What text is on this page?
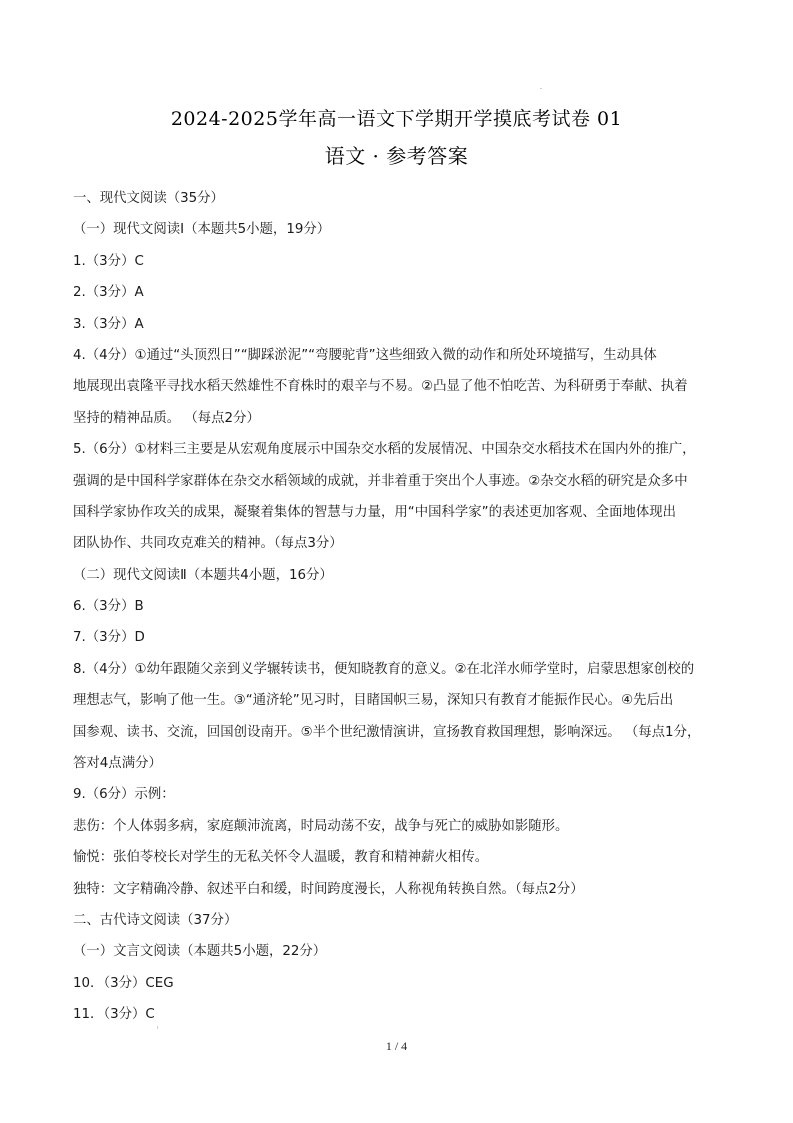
2024-2025学年高一语文下学期开学摸底考试卷 01
语文 · 参考答案
一、现代文阅读（35分）
（一）现代文阅读Ⅰ（本题共5小题，19分）
1.（3分）C
2.（3分）A
3.（3分）A
4.（4分）①通过“头顶烈日”“脚踩淤泥”“弯腰驼背”这些细致入微的动作和所处环境描写，生动具体
地展现出袁隆平寻找水稻天然雄性不育株时的艰辛与不易。②凸显了他不怕吃苦、为科研勇于奉献、执着
坚持的精神品质。 （每点2分）
5.（6分）①材料三主要是从宏观角度展示中国杂交水稻的发展情况、中国杂交水稻技术在国内外的推广，
强调的是中国科学家群体在杂交水稻领域的成就，并非着重于突出个人事迹。②杂交水稻的研究是众多中
国科学家协作攻关的成果，凝聚着集体的智慧与力量，用“中国科学家”的表述更加客观、全面地体现出
团队协作、共同攻克难关的精神。（每点3分）
（二）现代文阅读Ⅱ（本题共4小题，16分）
6.（3分）B
7.（3分）D
8.（4分）①幼年跟随父亲到义学辗转读书，便知晓教育的意义。②在北洋水师学堂时，启蒙思想家创校的
理想志气，影响了他一生。③“通济轮”见习时，目睹国帜三易，深知只有教育才能振作民心。④先后出
国参观、读书、交流，回国创设南开。⑤半个世纪激情演讲，宣扬教育救国理想，影响深远。 （每点1分，
答对4点满分）
9.（6分）示例：
悲伤：个人体弱多病，家庭颠沛流离，时局动荡不安，战争与死亡的威胁如影随形。
愉悦：张伯苓校长对学生的无私关怀令人温暖，教育和精神薪火相传。
独特：文字精确冷静、叙述平白和缓，时间跨度漫长，人称视角转换自然。（每点2分）
二、古代诗文阅读（37分）
（一）文言文阅读（本题共5小题，22分）
10．（3分）CEG
11．（3分）C
1 / 4
